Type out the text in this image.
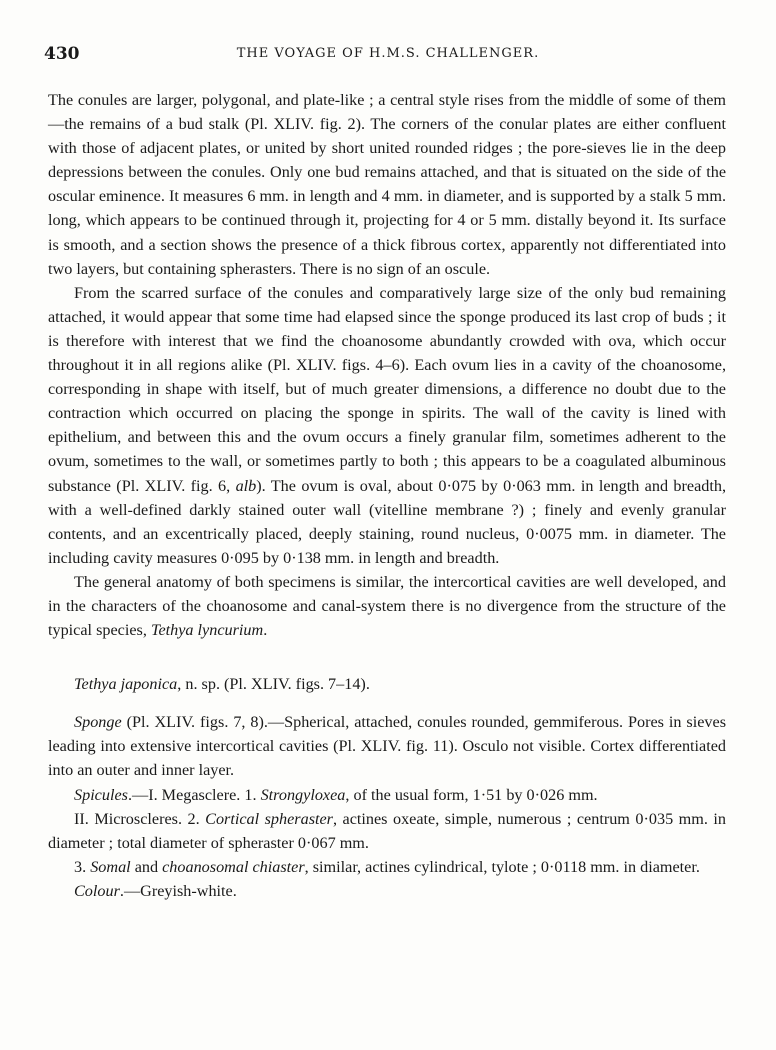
430	THE VOYAGE OF H.M.S. CHALLENGER.

The conules are larger, polygonal, and plate-like ; a central style rises from the middle of some of them—the remains of a bud stalk (Pl. XLIV. fig. 2). The corners of the conular plates are either confluent with those of adjacent plates, or united by short united rounded ridges ; the pore-sieves lie in the deep depressions between the conules. Only one bud remains attached, and that is situated on the side of the oscular eminence. It measures 6 mm. in length and 4 mm. in diameter, and is supported by a stalk 5 mm. long, which appears to be continued through it, projecting for 4 or 5 mm. distally beyond it. Its surface is smooth, and a section shows the presence of a thick fibrous cortex, apparently not differentiated into two layers, but containing spherasters. There is no sign of an oscule.

From the scarred surface of the conules and comparatively large size of the only bud remaining attached, it would appear that some time had elapsed since the sponge produced its last crop of buds ; it is therefore with interest that we find the choanosome abundantly crowded with ova, which occur throughout it in all regions alike (Pl. XLIV. figs. 4–6). Each ovum lies in a cavity of the choanosome, corresponding in shape with itself, but of much greater dimensions, a difference no doubt due to the contraction which occurred on placing the sponge in spirits. The wall of the cavity is lined with epithelium, and between this and the ovum occurs a finely granular film, sometimes adherent to the ovum, sometimes to the wall, or sometimes partly to both ; this appears to be a coagulated albuminous substance (Pl. XLIV. fig. 6, alb). The ovum is oval, about 0·075 by 0·063 mm. in length and breadth, with a well-defined darkly stained outer wall (vitelline membrane ?) ; finely and evenly granular contents, and an excentrically placed, deeply staining, round nucleus, 0·0075 mm. in diameter. The including cavity measures 0·095 by 0·138 mm. in length and breadth.

The general anatomy of both specimens is similar, the intercortical cavities are well developed, and in the characters of the choanosome and canal-system there is no divergence from the structure of the typical species, Tethya lyncurium.

Tethya japonica, n. sp. (Pl. XLIV. figs. 7–14).

Sponge (Pl. XLIV. figs. 7, 8).—Spherical, attached, conules rounded, gemmiferous. Pores in sieves leading into extensive intercortical cavities (Pl. XLIV. fig. 11). Osculo not visible. Cortex differentiated into an outer and inner layer.

Spicules.—I. Megasclere. 1. Strongyloxea, of the usual form, 1·51 by 0·026 mm.

II. Microscleres. 2. Cortical spheraster, actines oxeate, simple, numerous ; centrum 0·035 mm. in diameter ; total diameter of spheraster 0·067 mm.

3. Somal and choanosomal chiaster, similar, actines cylindrical, tylote ; 0·0118 mm. in diameter.

Colour.—Greyish-white.
